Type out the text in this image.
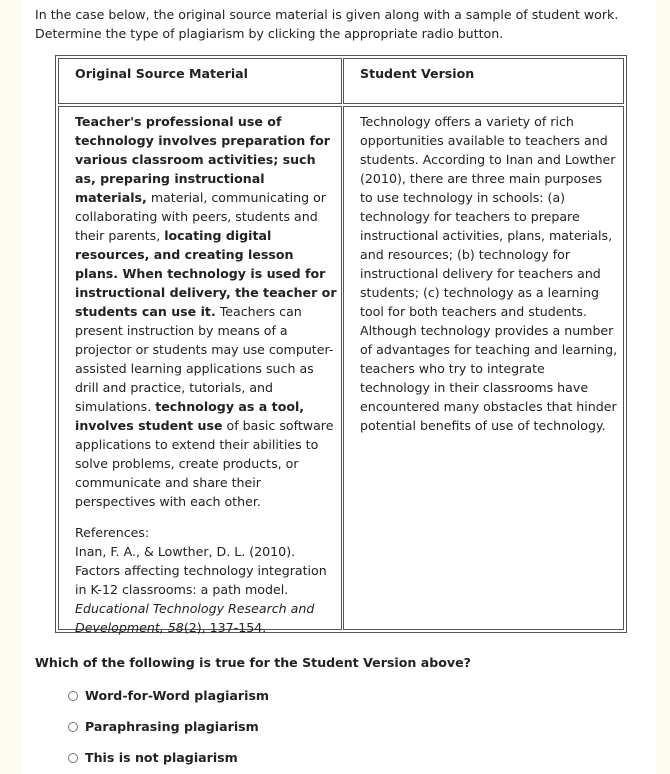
In the case below, the original source material is given along with a sample of student work.
Determine the type of plagiarism by clicking the appropriate radio button.

Original Source Material	Student Version
Teacher's professional use of technology involves preparation for various classroom activities; such as, preparing instructional materials, material, communicating or collaborating with peers, students and their parents, locating digital resources, and creating lesson plans. When technology is used for instructional delivery, the teacher or students can use it. Teachers can present instruction by means of a projector or students may use computer-assisted learning applications such as drill and practice, tutorials, and simulations. technology as a tool, involves student use of basic software applications to extend their abilities to solve problems, create products, or communicate and share their perspectives with each other.
References:
Inan, F. A., & Lowther, D. L. (2010). Factors affecting technology integration in K-12 classrooms: a path model. Educational Technology Research and Development, 58(2), 137-154.
Technology offers a variety of rich opportunities available to teachers and students. According to Inan and Lowther (2010), there are three main purposes to use technology in schools: (a) technology for teachers to prepare instructional activities, plans, materials, and resources; (b) technology for instructional delivery for teachers and students; (c) technology as a learning tool for both teachers and students. Although technology provides a number of advantages for teaching and learning, teachers who try to integrate technology in their classrooms have encountered many obstacles that hinder potential benefits of use of technology.
Which of the following is true for the Student Version above?
Word-for-Word plagiarism
Paraphrasing plagiarism
This is not plagiarism
